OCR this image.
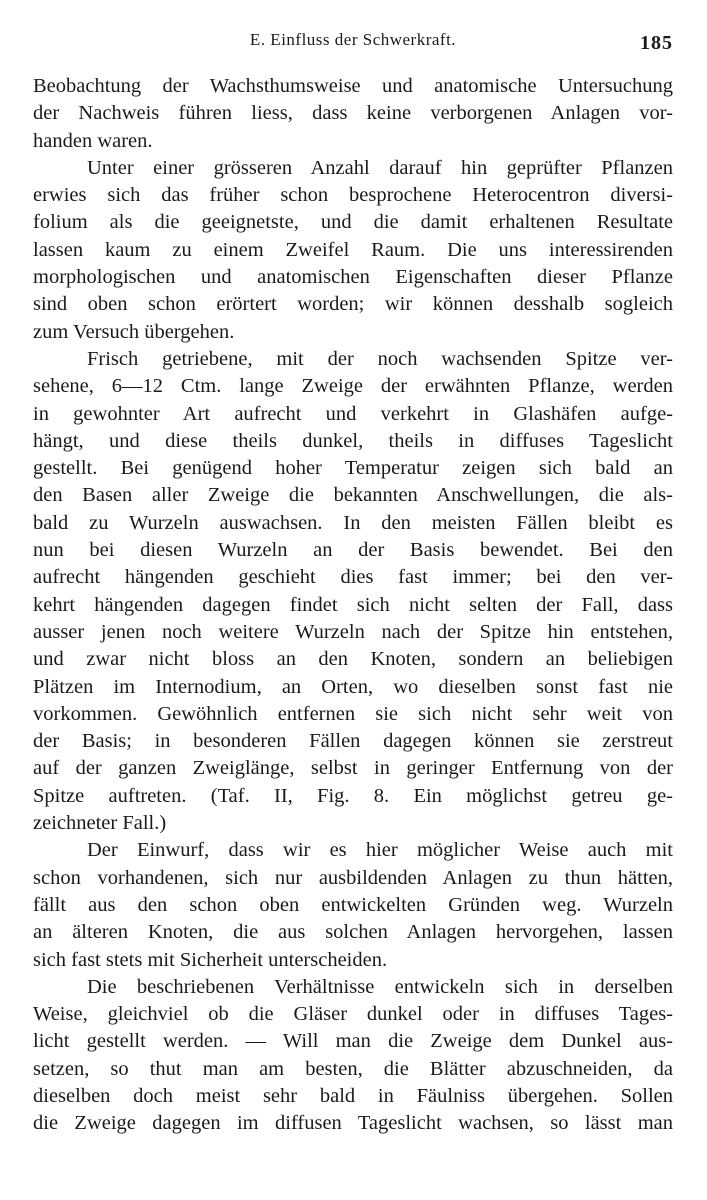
E. Einfluss der Schwerkraft.	185
Beobachtung der Wachsthumsweise und anatomische Untersuchung
der Nachweis führen liess, dass keine verborgenen Anlagen vor-
handen waren.
Unter einer grösseren Anzahl darauf hin geprüfter Pflanzen
erwies sich das früher schon besprochene Heterocentron diversi-
folium als die geeignetste, und die damit erhaltenen Resultate
lassen kaum zu einem Zweifel Raum. Die uns interessirenden
morphologischen und anatomischen Eigenschaften dieser Pflanze
sind oben schon erörtert worden; wir können desshalb sogleich
zum Versuch übergehen.
Frisch getriebene, mit der noch wachsenden Spitze ver-
sehene, 6—12 Ctm. lange Zweige der erwähnten Pflanze, werden
in gewohnter Art aufrecht und verkehrt in Glashäfen aufge-
hängt, und diese theils dunkel, theils in diffuses Tageslicht
gestellt. Bei genügend hoher Temperatur zeigen sich bald an
den Basen aller Zweige die bekannten Anschwellungen, die als-
bald zu Wurzeln auswachsen. In den meisten Fällen bleibt es
nun bei diesen Wurzeln an der Basis bewendet. Bei den
aufrecht hängenden geschieht dies fast immer; bei den ver-
kehrt hängenden dagegen findet sich nicht selten der Fall, dass
ausser jenen noch weitere Wurzeln nach der Spitze hin entstehen,
und zwar nicht bloss an den Knoten, sondern an beliebigen
Plätzen im Internodium, an Orten, wo dieselben sonst fast nie
vorkommen. Gewöhnlich entfernen sie sich nicht sehr weit von
der Basis; in besonderen Fällen dagegen können sie zerstreut
auf der ganzen Zweiglänge, selbst in geringer Entfernung von der
Spitze auftreten. (Taf. II, Fig. 8. Ein möglichst getreu ge-
zeichneter Fall.)
Der Einwurf, dass wir es hier möglicher Weise auch mit
schon vorhandenen, sich nur ausbildenden Anlagen zu thun hätten,
fällt aus den schon oben entwickelten Gründen weg. Wurzeln
an älteren Knoten, die aus solchen Anlagen hervorgehen, lassen
sich fast stets mit Sicherheit unterscheiden.
Die beschriebenen Verhältnisse entwickeln sich in derselben
Weise, gleichviel ob die Gläser dunkel oder in diffuses Tages-
licht gestellt werden. — Will man die Zweige dem Dunkel aus-
setzen, so thut man am besten, die Blätter abzuschneiden, da
dieselben doch meist sehr bald in Fäulniss übergehen. Sollen
die Zweige dagegen im diffusen Tageslicht wachsen, so lässt man
